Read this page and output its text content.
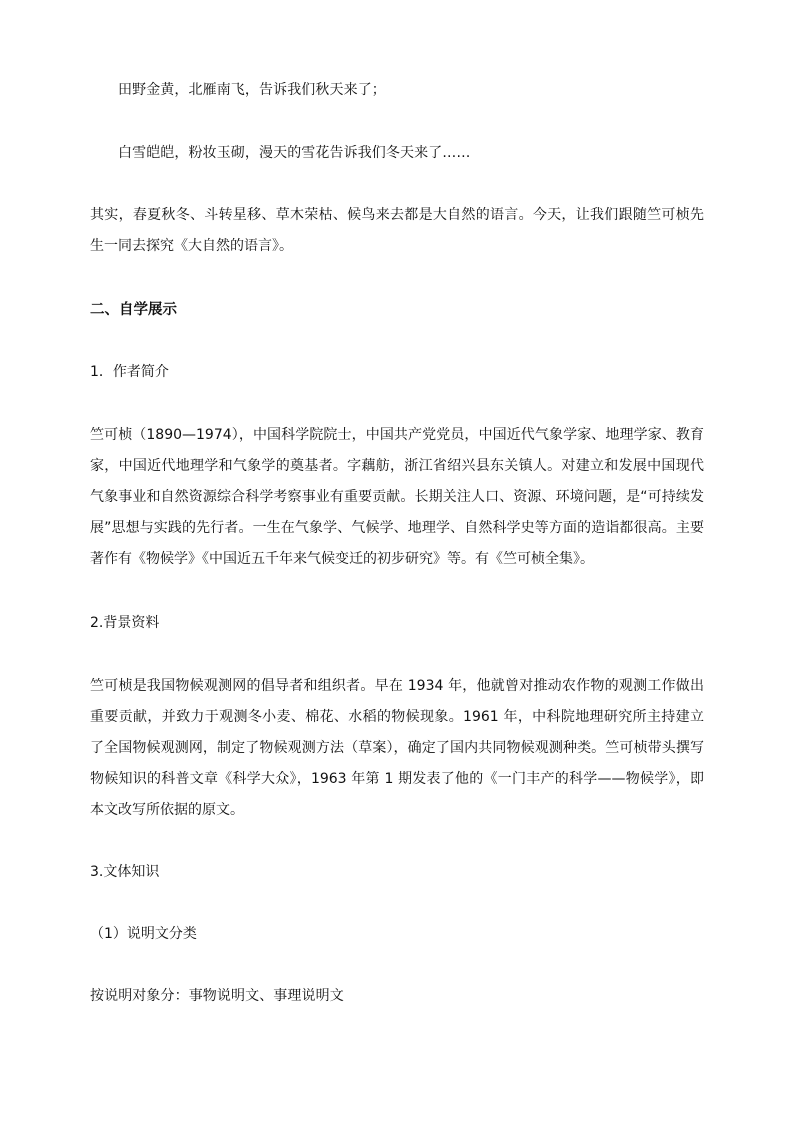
田野金黄，北雁南飞，告诉我们秋天来了；
白雪皑皑，粉妆玉砌，漫天的雪花告诉我们冬天来了……
其实，春夏秋冬、斗转星移、草木荣枯、候鸟来去都是大自然的语言。今天，让我们跟随竺可桢先生一同去探究《大自然的语言》。
二、自学展示
1．作者简介
竺可桢（1890—1974），中国科学院院士，中国共产党党员，中国近代气象学家、地理学家、教育家，中国近代地理学和气象学的奠基者。字藕舫，浙江省绍兴县东关镇人。对建立和发展中国现代气象事业和自然资源综合科学考察事业有重要贡献。长期关注人口、资源、环境问题，是“可持续发展”思想与实践的先行者。一生在气象学、气候学、地理学、自然科学史等方面的造诣都很高。主要著作有《物候学》《中国近五千年来气候变迁的初步研究》等。有《竺可桢全集》。
2.背景资料
竺可桢是我国物候观测网的倡导者和组织者。早在 1934 年，他就曾对推动农作物的观测工作做出重要贡献，并致力于观测冬小麦、棉花、水稻的物候现象。1961 年，中科院地理研究所主持建立了全国物候观测网，制定了物候观测方法（草案），确定了国内共同物候观测种类。竺可桢带头撰写物候知识的科普文章《科学大众》，1963 年第 1 期发表了他的《一门丰产的科学——物候学》，即本文改写所依据的原文。
3.文体知识
（1）说明文分类
按说明对象分：事物说明文、事理说明文
